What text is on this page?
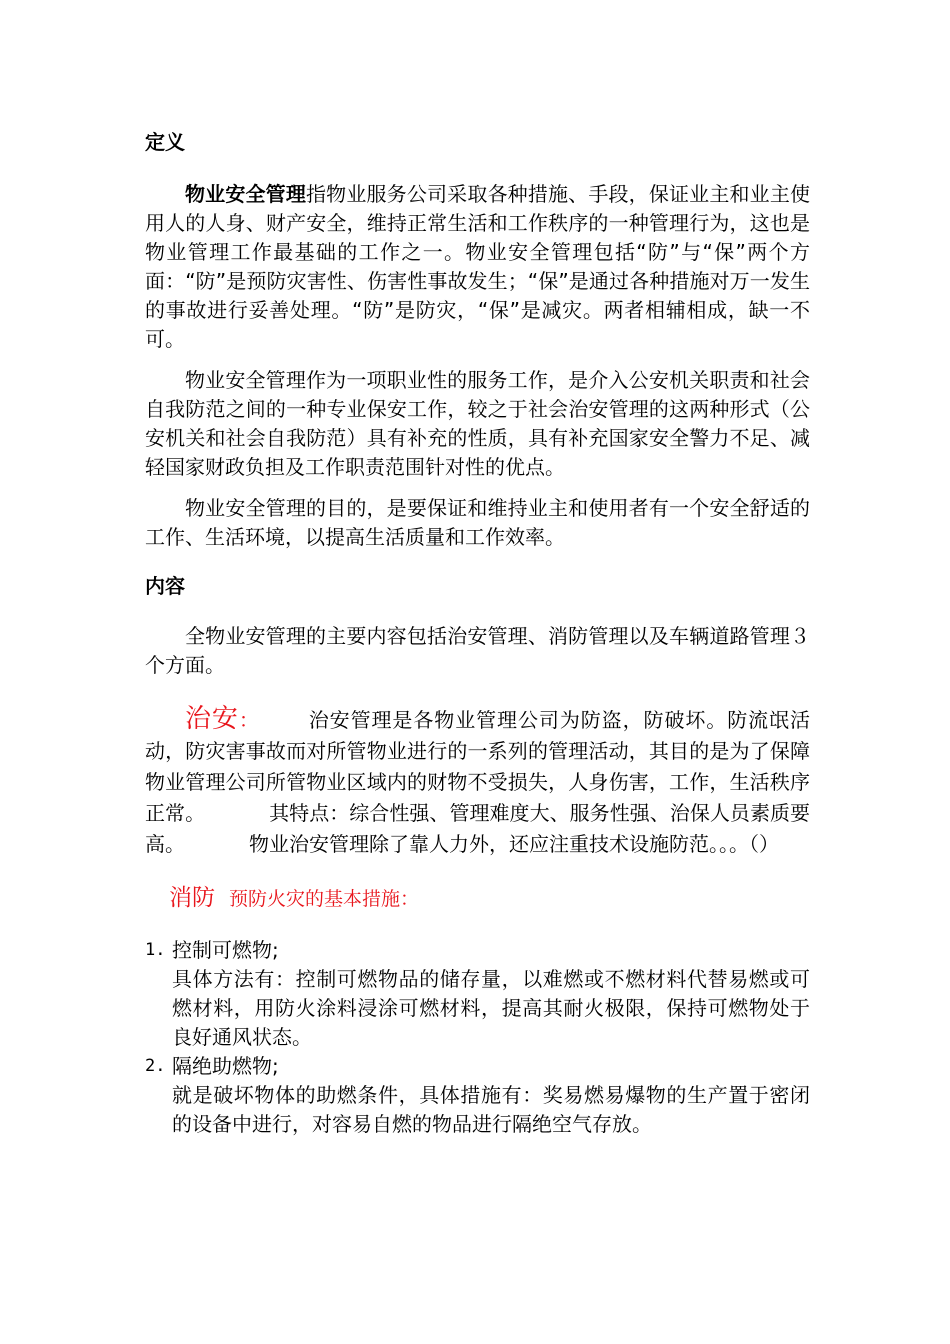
定义

物业安全管理指物业服务公司采取各种措施、手段，保证业主和业主使用人的人身、财产安全，维持正常生活和工作秩序的一种管理行为，这也是物业管理工作最基础的工作之一。物业安全管理包括“防”与“保”两个方面：“防”是预防灾害性、伤害性事故发生；“保”是通过各种措施对万一发生的事故进行妥善处理。“防”是防灾，“保”是减灾。两者相辅相成，缺一不可。

物业安全管理作为一项职业性的服务工作，是介入公安机关职责和社会自我防范之间的一种专业保安工作，较之于社会治安管理的这两种形式（公安机关和社会自我防范）具有补充的性质，具有补充国家安全警力不足、减轻国家财政负担及工作职责范围针对性的优点。

物业安全管理的目的，是要保证和维持业主和使用者有一个安全舒适的工作、生活环境，以提高生活质量和工作效率。

内容

全物业安管理的主要内容包括治安管理、消防管理以及车辆道路管理３个方面。

治安： 治安管理是各物业管理公司为防盗，防破坏。防流氓活动，防灾害事故而对所管物业进行的一系列的管理活动，其目的是为了保障物业管理公司所管物业区域内的财物不受损失，人身伤害，工作，生活秩序正常。	其特点：综合性强、管理难度大、服务性强、治保人员素质要高。	物业治安管理除了靠人力外，还应注重技术设施防范。。。（）

消防 预防火灾的基本措施：

1. 控制可燃物;
具体方法有：控制可燃物品的储存量，以难燃或不燃材料代替易燃或可燃材料，用防火涂料浸涂可燃材料，提高其耐火极限，保持可燃物处于良好通风状态。
2. 隔绝助燃物;
就是破坏物体的助燃条件，具体措施有：奖易燃易爆物的生产置于密闭的设备中进行，对容易自燃的物品进行隔绝空气存放。
